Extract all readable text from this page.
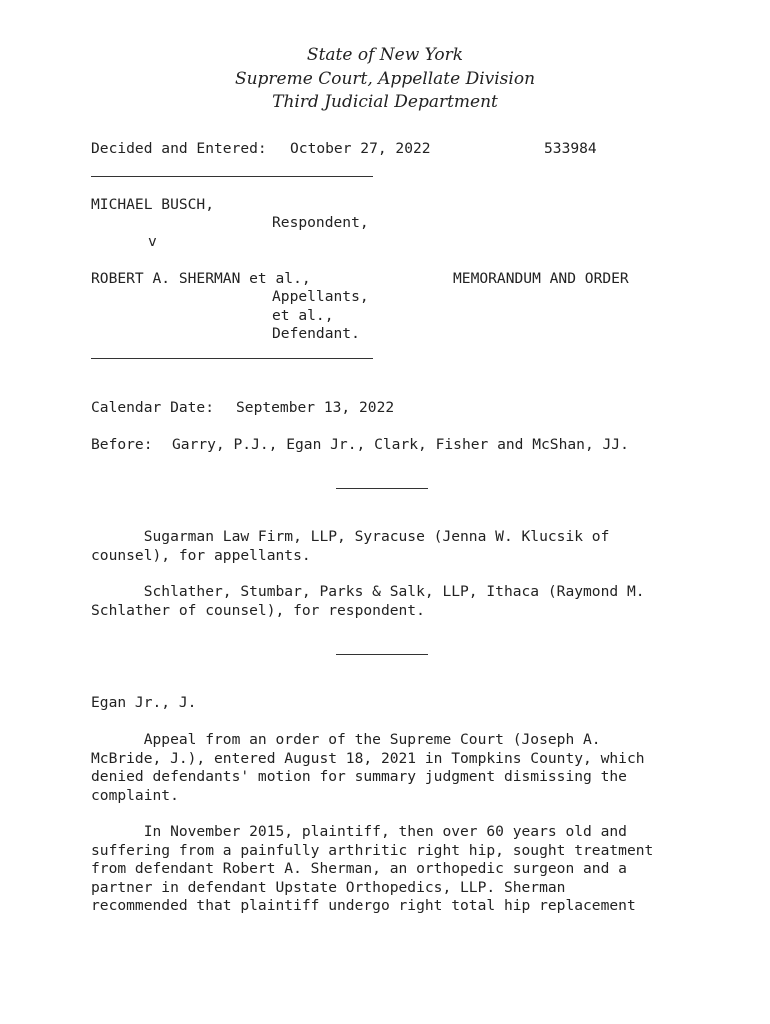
State of New York
Supreme Court, Appellate Division
Third Judicial Department
Decided and Entered: October 27, 2022	533984
MICHAEL BUSCH,
Respondent,
v
ROBERT A. SHERMAN et al.,	MEMORANDUM AND ORDER
Appellants,
et al.,
Defendant.
Calendar Date: September 13, 2022
Before: Garry, P.J., Egan Jr., Clark, Fisher and McShan, JJ.
Sugarman Law Firm, LLP, Syracuse (Jenna W. Klucsik of
counsel), for appellants.
Schlather, Stumbar, Parks & Salk, LLP, Ithaca (Raymond M.
Schlather of counsel), for respondent.
Egan Jr., J.
Appeal from an order of the Supreme Court (Joseph A.
McBride, J.), entered August 18, 2021 in Tompkins County, which
denied defendants' motion for summary judgment dismissing the
complaint.
In November 2015, plaintiff, then over 60 years old and
suffering from a painfully arthritic right hip, sought treatment
from defendant Robert A. Sherman, an orthopedic surgeon and a
partner in defendant Upstate Orthopedics, LLP. Sherman
recommended that plaintiff undergo right total hip replacement
